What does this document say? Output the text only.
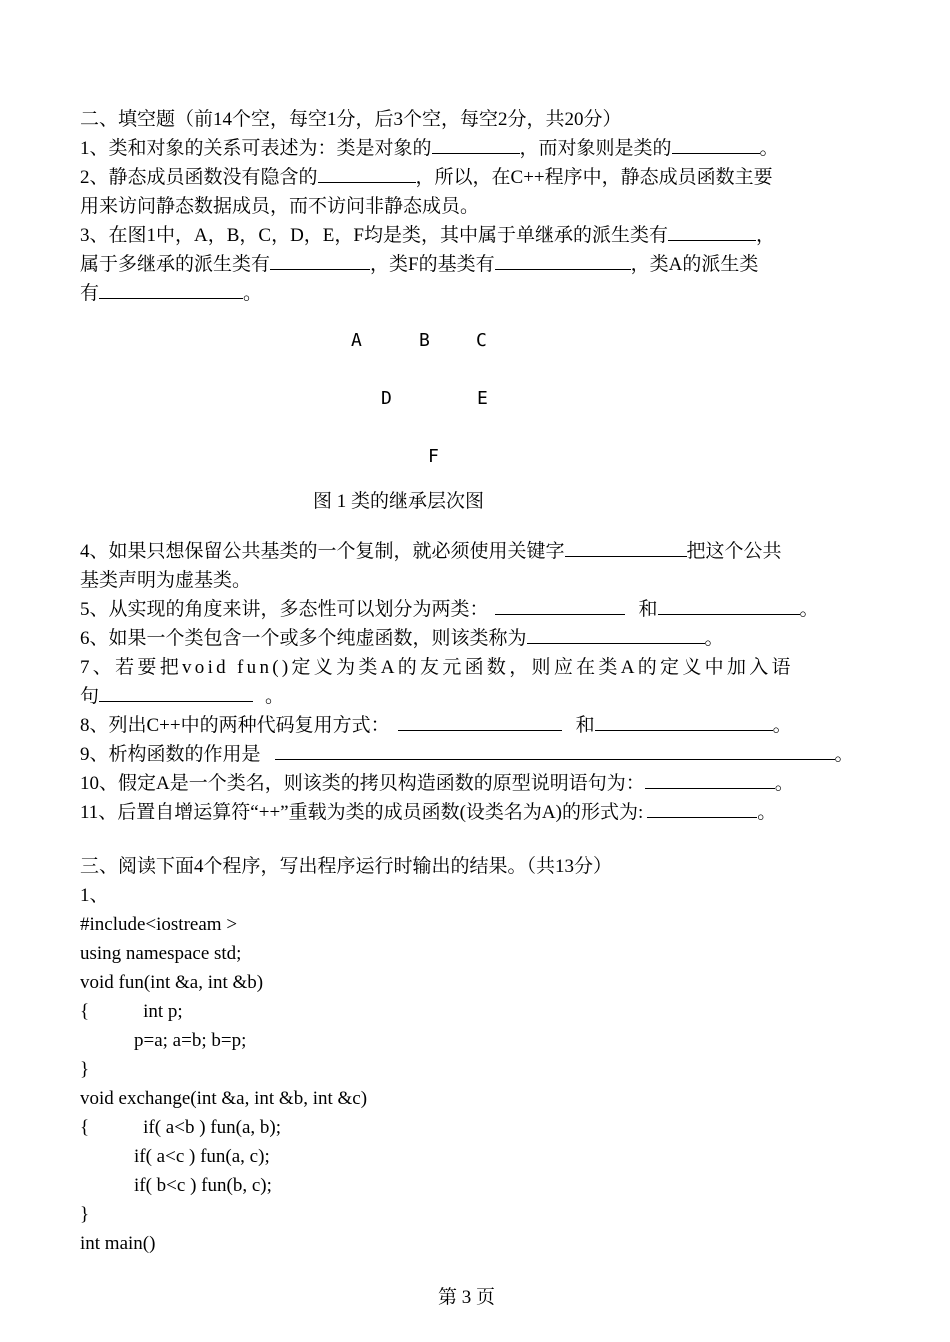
二、填空题（前14个空，每空1分，后3个空，每空2分，共20分）
1、类和对象的关系可表述为：类是对象的	，而对象则是类的	。
2、静态成员函数没有隐含的	，所以，在C++程序中，静态成员函数主要
用来访问静态数据成员，而不访问非静态成员。
3、在图1中，A，B，C，D，E，F均是类，其中属于单继承的派生类有	，
属于多继承的派生类有	，类F的基类有	，类A的派生类
有	。
A	B	C
D	E
F
图 1 类的继承层次图
4、如果只想保留公共基类的一个复制，就必须使用关键字	把这个公共
基类声明为虚基类。
5、从实现的角度来讲，多态性可以划分为两类：	和	。
6、如果一个类包含一个或多个纯虚函数，则该类称为	。
7、若要把void fun()定义为类A的友元函数，则应在类A的定义中加入语
句	。
8、列出C++中的两种代码复用方式：	和	。
9、析构函数的作用是	。
10、假定A是一个类名，则该类的拷贝构造函数的原型说明语句为：	。
11、后置自增运算符“++”重载为类的成员函数(设类名为A)的形式为:	。
三、阅读下面4个程序，写出程序运行时输出的结果。（共13分）
1、
#include<iostream >
using namespace std;
void fun(int &a, int &b)
{	int p;
p=a; a=b; b=p;
}
void exchange(int &a, int &b, int &c)
{	if( a<b ) fun(a, b);
if( a<c ) fun(a, c);
if( b<c ) fun(b, c);
}
int main()
第 3 页
